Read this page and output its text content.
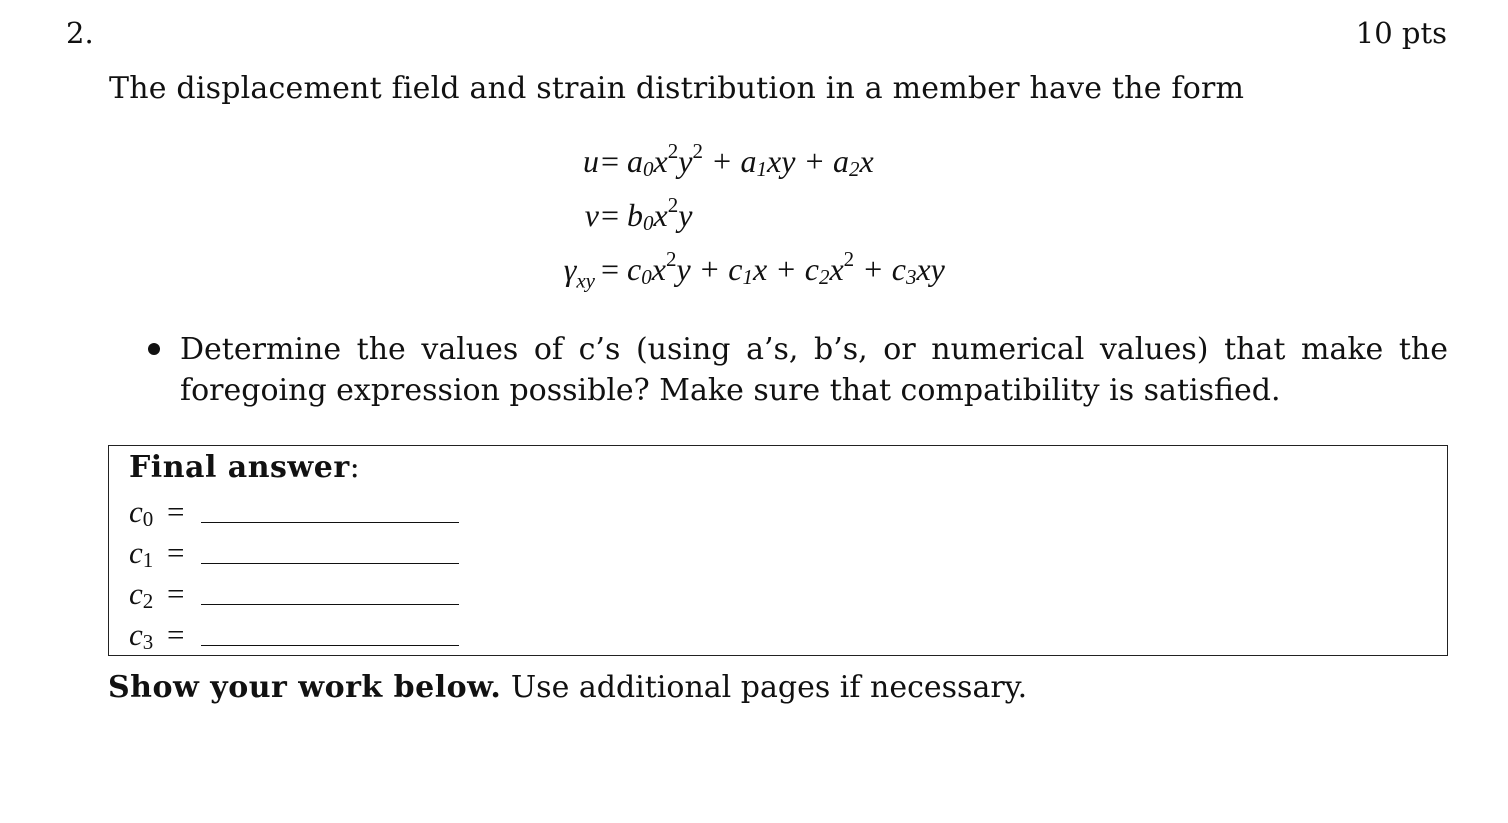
2.	10 pts
The displacement field and strain distribution in a member have the form
$u = a_0x^2y^2 + a_1xy + a_2x$
$v = b_0x^2y$
$\gamma_{xy} = c_0x^2y + c_1x + c_2x^2 + c_3xy$
Determine the values of c’s (using a’s, b’s, or numerical values) that make the foregoing expression possible? Make sure that compatibility is satisfied.
Final answer:
$c_0$ =
$c_1$ =
$c_2$ =
$c_3$ =
Show your work below. Use additional pages if necessary.
